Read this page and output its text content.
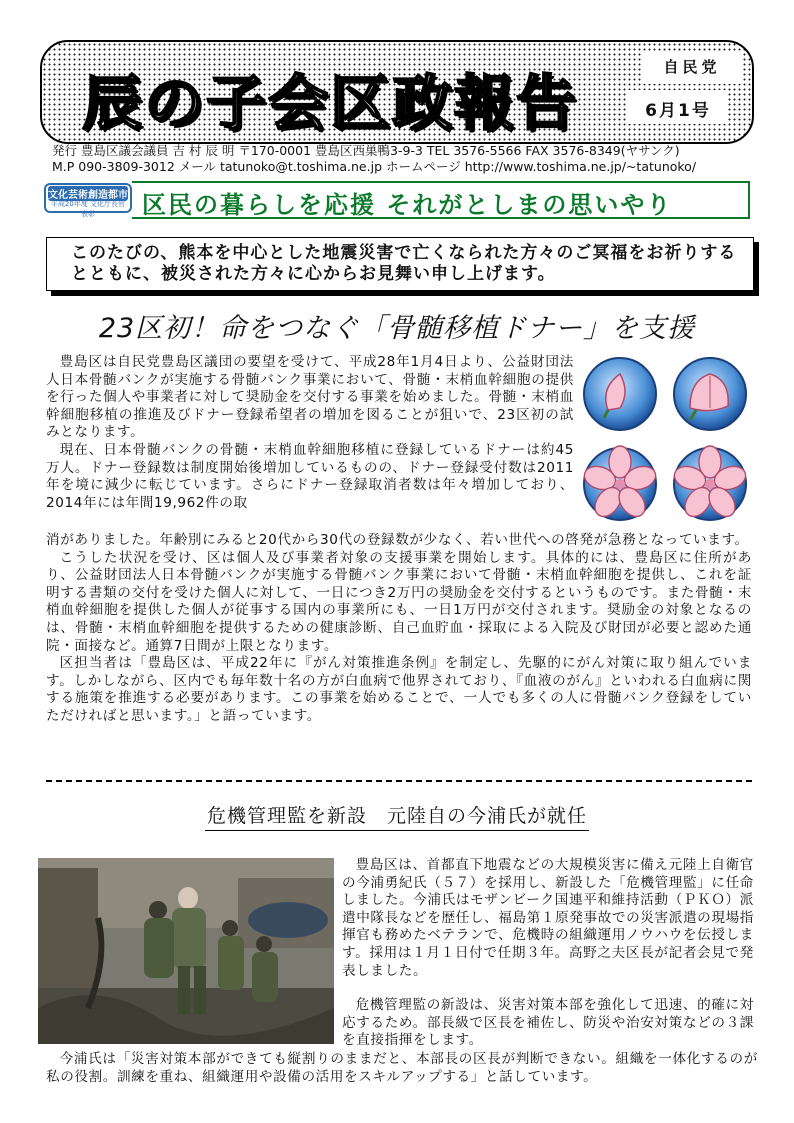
辰の子会区政報告
自民党
6月1号
発行 豊島区議会議員 吉 村 辰 明 〒170-0001 豊島区西巣鴨3-9-3 TEL 3576-5566 FAX 3576-8349(ヤサンク)
M.P 090-3809-3012 メール tatunoko@t.toshima.ne.jp ホームページ http://www.toshima.ne.jp/~tatunoko/
文化芸術創造都市
平成20年度 文化庁長官表彰	区民の暮らしを応援 それがとしまの思いやり
このたびの、熊本を中心とした地震災害で亡くなられた方々のご冥福をお祈りするとともに、被災された方々に心からお見舞い申し上げます。
23区初！命をつなぐ「骨髄移植ドナー」を支援

豊島区は自民党豊島区議団の要望を受けて、平成28年1月4日より、公益財団法人日本骨髄バンクが実施する骨髄バンク事業において、骨髄・末梢血幹細胞の提供を行った個人や事業者に対して奨励金を交付する事業を始めました。骨髄・末梢血幹細胞移植の推進及びドナー登録希望者の増加を図ることが狙いで、23区初の試みとなります。

現在、日本骨髄バンクの骨髄・末梢血幹細胞移植に登録しているドナーは約45万人。ドナー登録数は制度開始後増加しているものの、ドナー登録受付数は2011年を境に減少に転じています。さらにドナー登録取消者数は年々増加しており、2014年には年間19,962件の取

消がありました。年齢別にみると20代から30代の登録数が少なく、若い世代への啓発が急務となっています。

こうした状況を受け、区は個人及び事業者対象の支援事業を開始します。具体的には、豊島区に住所があり、公益財団法人日本骨髄バンクが実施する骨髄バンク事業において骨髄・末梢血幹細胞を提供し、これを証明する書類の交付を受けた個人に対して、一日につき2万円の奨励金を交付するというものです。また骨髄・末梢血幹細胞を提供した個人が従事する国内の事業所にも、一日1万円が交付されます。奨励金の対象となるのは、骨髄・末梢血幹細胞を提供するための健康診断、自己血貯血・採取による入院及び財団が必要と認めた通院・面接など。通算7日間が上限となります。

区担当者は「豊島区は、平成22年に『がん対策推進条例』を制定し、先駆的にがん対策に取り組んでいます。しかしながら、区内でも毎年数十名の方が白血病で他界されており、『血液のがん』といわれる白血病に関する施策を推進する必要があります。この事業を始めることで、一人でも多くの人に骨髄バンク登録をしていただければと思います。」と語っています。

危機管理監を新設　元陸自の今浦氏が就任

豊島区は、首都直下地震などの大規模災害に備え元陸上自衛官の今浦勇紀氏（５７）を採用し、新設した「危機管理監」に任命しました。今浦氏はモザンビーク国連平和維持活動（ＰＫＯ）派遣中隊長などを歴任し、福島第１原発事故での災害派遣の現場指揮官も務めたベテランで、危機時の組織運用ノウハウを伝授します。採用は１月１日付で任期３年。高野之夫区長が記者会見で発表しました。

危機管理監の新設は、災害対策本部を強化して迅速、的確に対応するため。部長級で区長を補佐し、防災や治安対策などの３課を直接指揮をします。

今浦氏は「災害対策本部ができても縦割りのままだと、本部長の区長が判断できない。組織を一体化するのが私の役割。訓練を重ね、組織運用や設備の活用をスキルアップする」と話しています。
